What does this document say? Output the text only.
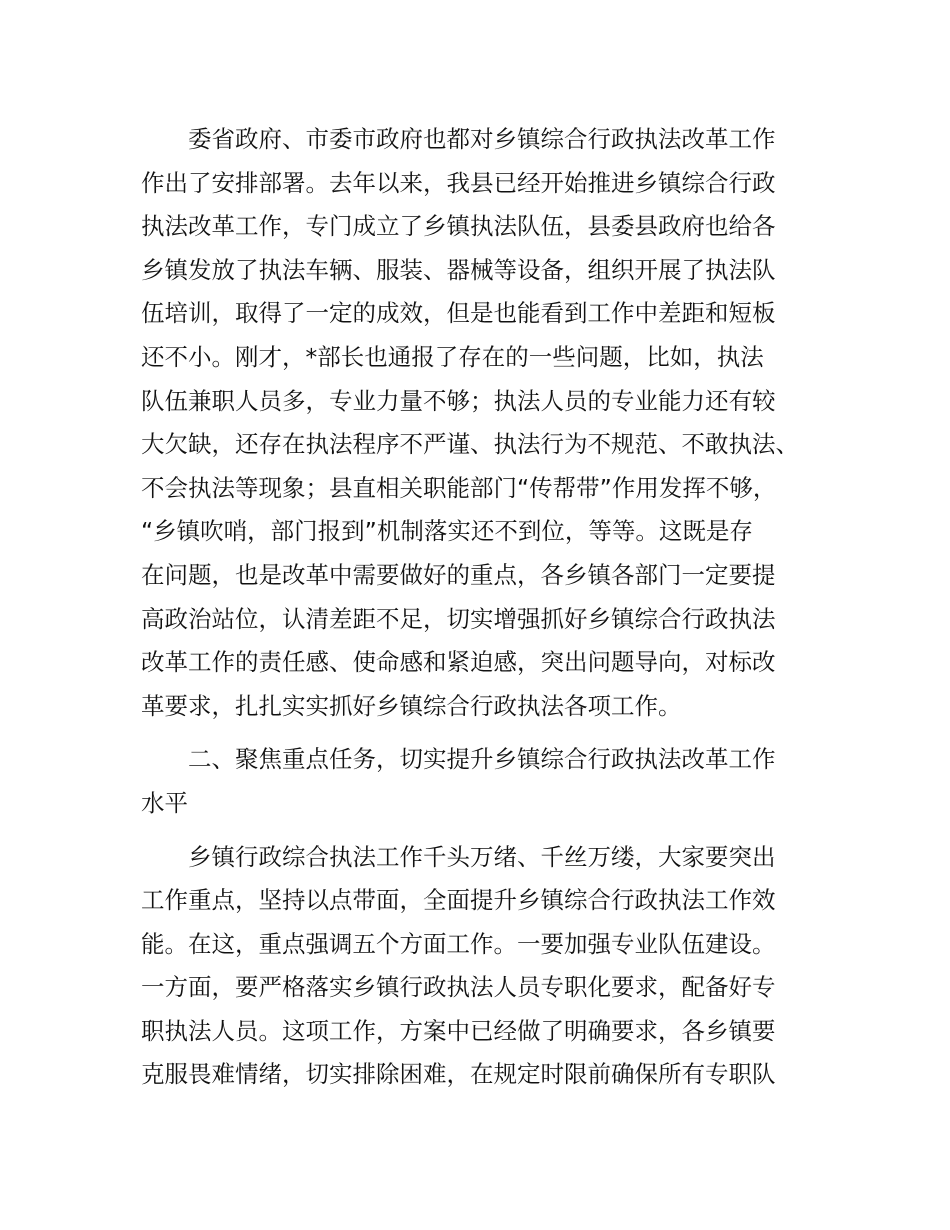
委省政府、市委市政府也都对乡镇综合行政执法改革工作
作出了安排部署。去年以来，我县已经开始推进乡镇综合行政
执法改革工作，专门成立了乡镇执法队伍，县委县政府也给各
乡镇发放了执法车辆、服装、器械等设备，组织开展了执法队
伍培训，取得了一定的成效，但是也能看到工作中差距和短板
还不小。刚才，*部长也通报了存在的一些问题，比如，执法
队伍兼职人员多，专业力量不够；执法人员的专业能力还有较
大欠缺，还存在执法程序不严谨、执法行为不规范、不敢执法、
不会执法等现象；县直相关职能部门“传帮带”作用发挥不够，
“乡镇吹哨，部门报到”机制落实还不到位，等等。这既是存
在问题，也是改革中需要做好的重点，各乡镇各部门一定要提
高政治站位，认清差距不足，切实增强抓好乡镇综合行政执法
改革工作的责任感、使命感和紧迫感，突出问题导向，对标改
革要求，扎扎实实抓好乡镇综合行政执法各项工作。
二、聚焦重点任务，切实提升乡镇综合行政执法改革工作
水平
乡镇行政综合执法工作千头万绪、千丝万缕，大家要突出
工作重点，坚持以点带面，全面提升乡镇综合行政执法工作效
能。在这，重点强调五个方面工作。一要加强专业队伍建设。
一方面，要严格落实乡镇行政执法人员专职化要求，配备好专
职执法人员。这项工作，方案中已经做了明确要求，各乡镇要
克服畏难情绪，切实排除困难，在规定时限前确保所有专职队
